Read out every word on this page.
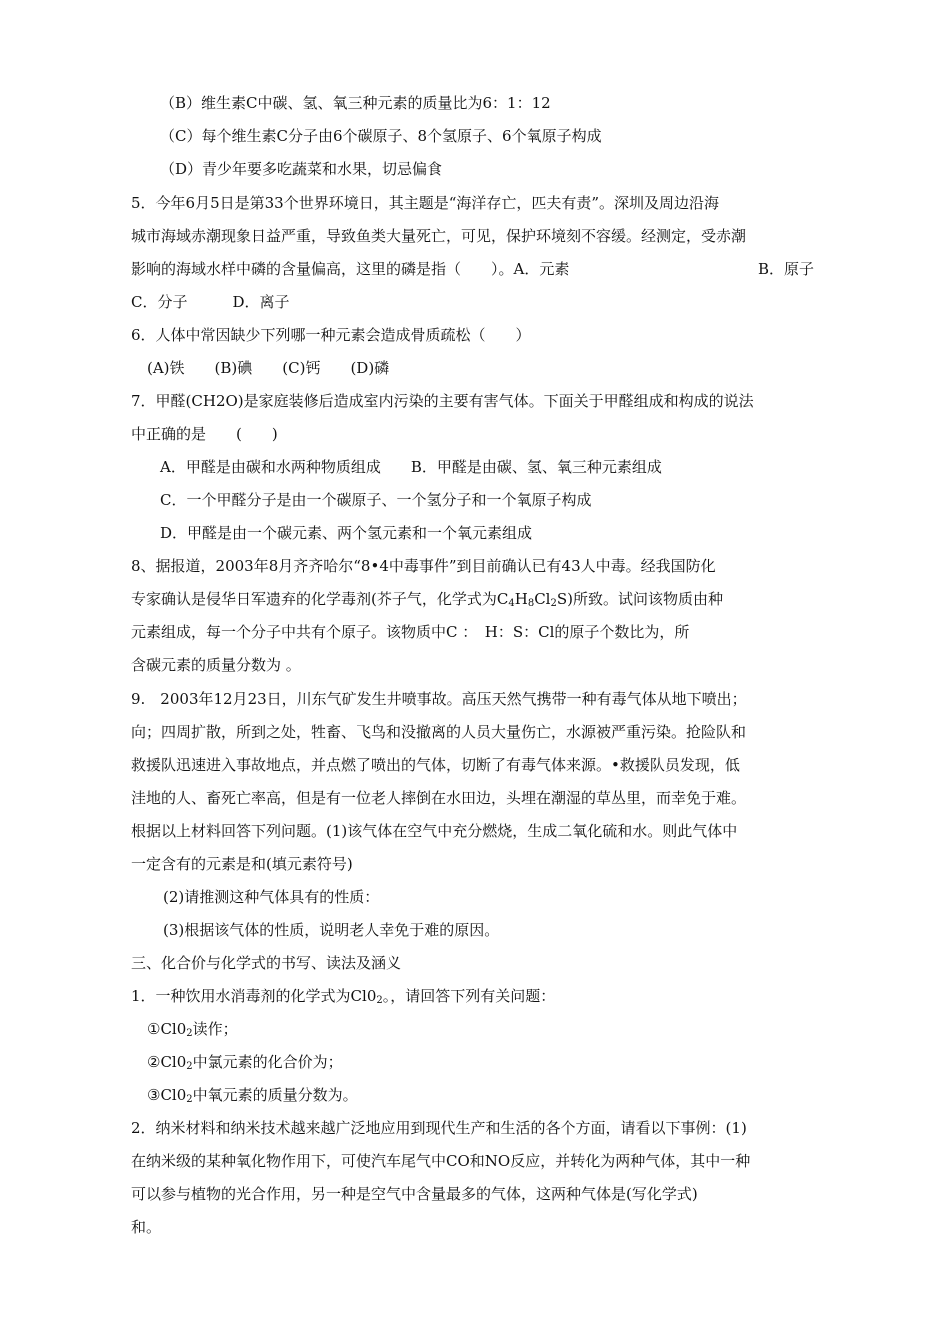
（B）维生素C中碳、氢、氧三种元素的质量比为6：1：12
（C）每个维生素C分子由6个碳原子、8个氢原子、6个氧原子构成
（D）青少年要多吃蔬菜和水果，切忌偏食
5．今年6月5日是第33个世界环境日，其主题是“海洋存亡，匹夫有责”。深圳及周边沿海
城市海域赤潮现象日益严重，导致鱼类大量死亡，可见，保护环境刻不容缓。经测定，受赤潮
影响的海域水样中磷的含量偏高，这里的磷是指（　　）。A．元素	B．原子
C．分子　　　D．离子
6．人体中常因缺少下列哪一种元素会造成骨质疏松（　　）
(A)铁　　(B)碘　　(C)钙　　(D)磷
7．甲醛(CH2O)是家庭装修后造成室内污染的主要有害气体。下面关于甲醛组成和构成的说法
中正确的是　　(　　)
A．甲醛是由碳和水两种物质组成　　B．甲醛是由碳、氢、氧三种元素组成
C．一个甲醛分子是由一个碳原子、一个氢分子和一个氧原子构成
D．甲醛是由一个碳元素、两个氢元素和一个氧元素组成
8、据报道，2003年8月齐齐哈尔“8•4中毒事件”到目前确认已有43人中毒。经我国防化
专家确认是侵华日军遗弃的化学毒剂(芥子气，化学式为$C_4H_8Cl_2S$)所致。试问该物质由种
元素组成，每一个分子中共有个原子。该物质中C ：　H：S：Cl的原子个数比为，所
含碳元素的质量分数为 。
9.　2003年12月23日，川东气矿发生井喷事故。高压天然气携带一种有毒气体从地下喷出；
向；四周扩散，所到之处，牲畜、飞鸟和没撤离的人员大量伤亡，水源被严重污染。抢险队和
救援队迅速进入事故地点，并点燃了喷出的气体，切断了有毒气体来源。•救援队员发现，低
洼地的人、畜死亡率高，但是有一位老人摔倒在水田边，头埋在潮湿的草丛里，而幸免于难。
根据以上材料回答下列问题。(1)该气体在空气中充分燃烧，生成二氧化硫和水。则此气体中
一定含有的元素是和(填元素符号)
(2)请推测这种气体具有的性质：
(3)根据该气体的性质，说明老人幸免于难的原因。
三、化合价与化学式的书写、读法及涵义
1．一种饮用水消毒剂的化学式为$Cl0_2$。，请回答下列有关问题：
$①Cl0_2$读作；
$②Cl0_2$中氯元素的化合价为；
$③Cl0_2$中氧元素的质量分数为。
2．纳米材料和纳米技术越来越广泛地应用到现代生产和生活的各个方面，请看以下事例：(1)
在纳米级的某种氧化物作用下，可使汽车尾气中CO和NO反应，并转化为两种气体，其中一种
可以参与植物的光合作用，另一种是空气中含量最多的气体，这两种气体是(写化学式)
和。
